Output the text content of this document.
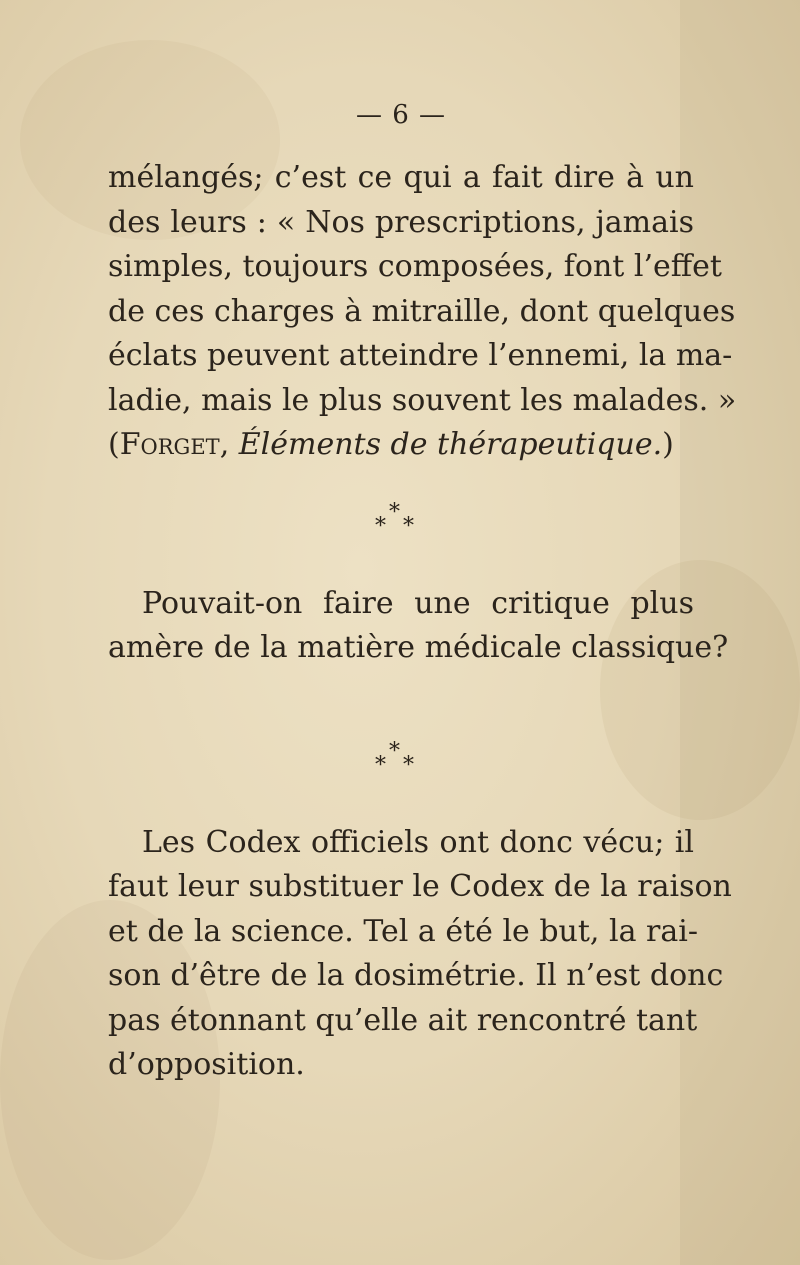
— 6 —

mélangés; c’est ce qui a fait dire à un
des leurs : « Nos prescriptions, jamais
simples, toujours composées, font l’effet
de ces charges à mitraille, dont quelques
éclats peuvent atteindre l’ennemi, la ma-
ladie, mais le plus souvent les malades. »
(Forget, Éléments de thérapeutique.)

*
* *

Pouvait-on faire une critique plus
amère de la matière médicale classique?

*
* *

Les Codex officiels ont donc vécu; il
faut leur substituer le Codex de la raison
et de la science. Tel a été le but, la rai-
son d’être de la dosimétrie. Il n’est donc
pas étonnant qu’elle ait rencontré tant
d’opposition.
